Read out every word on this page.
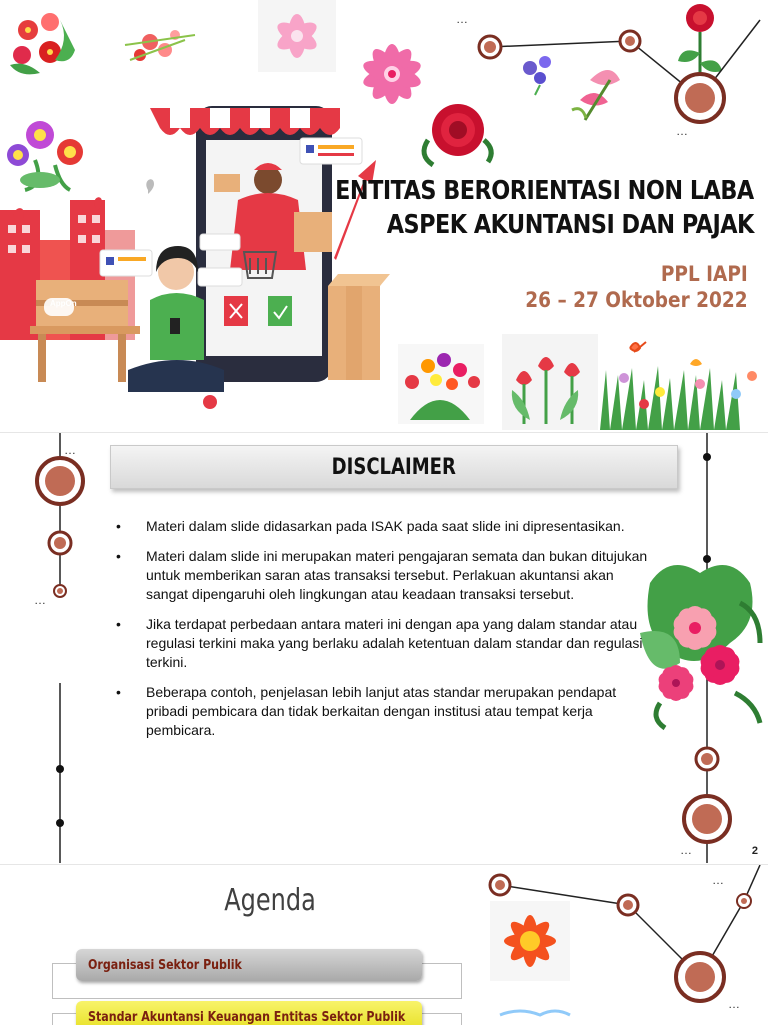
…
…
AppOn
ENTITAS BERORIENTASI NON LABA
ASPEK AKUNTANSI DAN PAJAK
PPL IAPI
26 – 27 Oktober 2022
…
…
…
DISCLAIMER
• Materi dalam slide didasarkan pada ISAK pada saat slide ini dipresentasikan.
• Materi dalam slide ini merupakan materi pengajaran semata dan bukan ditujukan untuk memberikan saran atas transaksi tersebut. Perlakuan akuntansi akan sangat dipengaruhi oleh lingkungan atau keadaan transaksi tersebut.
• Jika terdapat perbedaan antara materi ini dengan apa yang dalam standar atau regulasi terkini maka yang berlaku adalah ketentuan dalam standar dan regulasi terkini.
• Beberapa contoh, penjelasan lebih lanjut atas standar merupakan pendapat pribadi pembicara dan tidak berkaitan dengan institusi atau tempat kerja pembicara.
2
…
…
Agenda
Organisasi Sektor Publik
Standar Akuntansi Keuangan Entitas Sektor Publik
